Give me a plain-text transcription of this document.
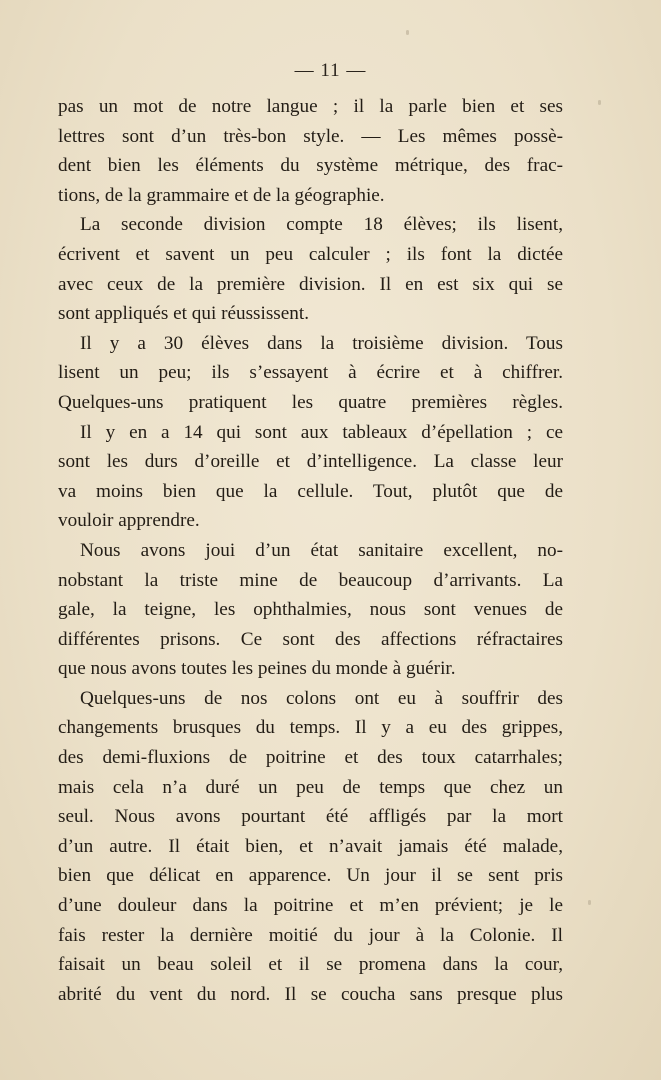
— 11 —
pas un mot de notre langue ; il la parle bien et ses
lettres sont d’un très-bon style. — Les mêmes possè-
dent bien les éléments du système métrique, des frac-
tions, de la grammaire et de la géographie.
La seconde division compte 18 élèves; ils lisent,
écrivent et savent un peu calculer ; ils font la dictée
avec ceux de la première division. Il en est six qui se
sont appliqués et qui réussissent.
Il y a 30 élèves dans la troisième division. Tous
lisent un peu; ils s’essayent à écrire et à chiffrer.
Quelques-uns pratiquent les quatre premières règles.
Il y en a 14 qui sont aux tableaux d’épellation ; ce
sont les durs d’oreille et d’intelligence. La classe leur
va moins bien que la cellule. Tout, plutôt que de
vouloir apprendre.
Nous avons joui d’un état sanitaire excellent, no-
nobstant la triste mine de beaucoup d’arrivants. La
gale, la teigne, les ophthalmies, nous sont venues de
différentes prisons. Ce sont des affections réfractaires
que nous avons toutes les peines du monde à guérir.
Quelques-uns de nos colons ont eu à souffrir des
changements brusques du temps. Il y a eu des grippes,
des demi-fluxions de poitrine et des toux catarrhales;
mais cela n’a duré un peu de temps que chez un
seul. Nous avons pourtant été affligés par la mort
d’un autre. Il était bien, et n’avait jamais été malade,
bien que délicat en apparence. Un jour il se sent pris
d’une douleur dans la poitrine et m’en prévient; je le
fais rester la dernière moitié du jour à la Colonie. Il
faisait un beau soleil et il se promena dans la cour,
abrité du vent du nord. Il se coucha sans presque plus
